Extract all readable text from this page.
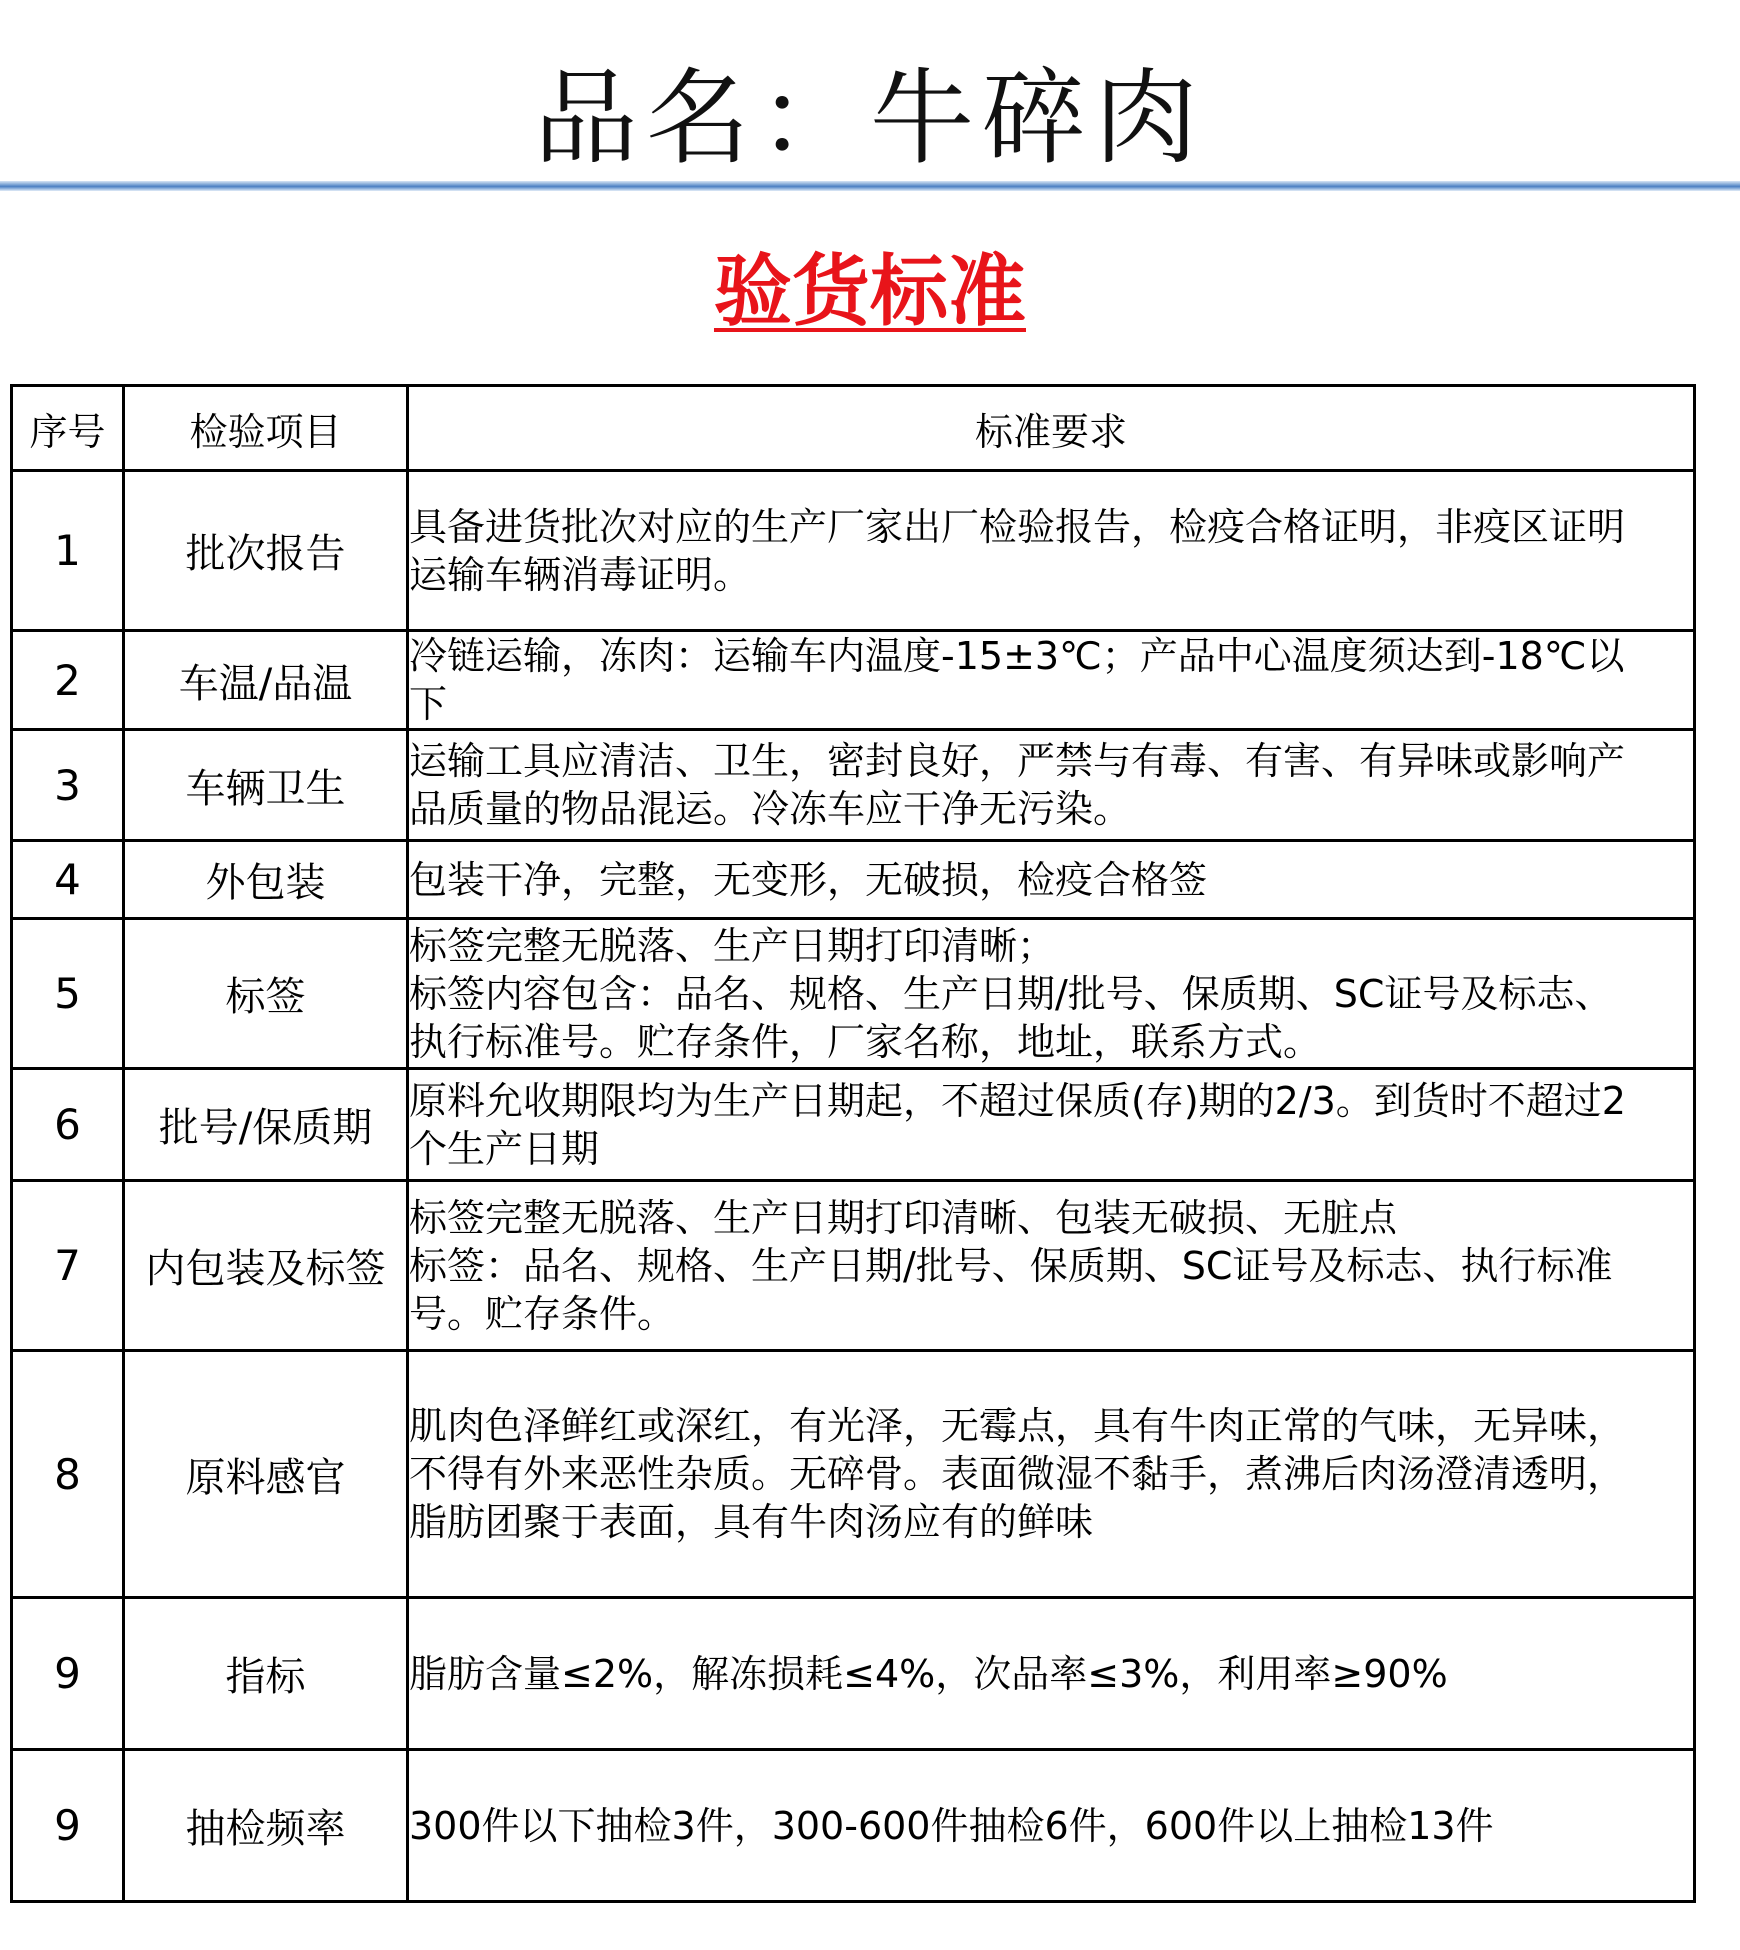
品名：牛碎肉
验货标准
序号	检验项目	标准要求
1	批次报告	具备进货批次对应的生产厂家出厂检验报告，检疫合格证明，非疫区证明
运输车辆消毒证明。

2	车温/品温	冷链运输，冻肉：运输车内温度-15±3℃；产品中心温度须达到-18℃以
下

3	车辆卫生	运输工具应清洁、卫生，密封良好，严禁与有毒、有害、有异味或影响产
品质量的物品混运。冷冻车应干净无污染。

4	外包装	包装干净，完整，无变形，无破损，检疫合格签

5	标签	标签完整无脱落、生产日期打印清晰；
标签内容包含：品名、规格、生产日期/批号、保质期、SC证号及标志、
执行标准号。贮存条件，厂家名称，地址，联系方式。

6	批号/保质期	原料允收期限均为生产日期起，不超过保质(存)期的2/3。到货时不超过2
个生产日期

7	内包装及标签	标签完整无脱落、生产日期打印清晰、包装无破损、无脏点
标签：品名、规格、生产日期/批号、保质期、SC证号及标志、执行标准
号。贮存条件。

8	原料感官	肌肉色泽鲜红或深红，有光泽，无霉点，具有牛肉正常的气味，无异味，
不得有外来恶性杂质。无碎骨。表面微湿不黏手，煮沸后肉汤澄清透明，
脂肪团聚于表面，具有牛肉汤应有的鲜味

9	指标	脂肪含量≤2%，解冻损耗≤4%，次品率≤3%，利用率≥90%

9	抽检频率	300件以下抽检3件，300-600件抽检6件，600件以上抽检13件
